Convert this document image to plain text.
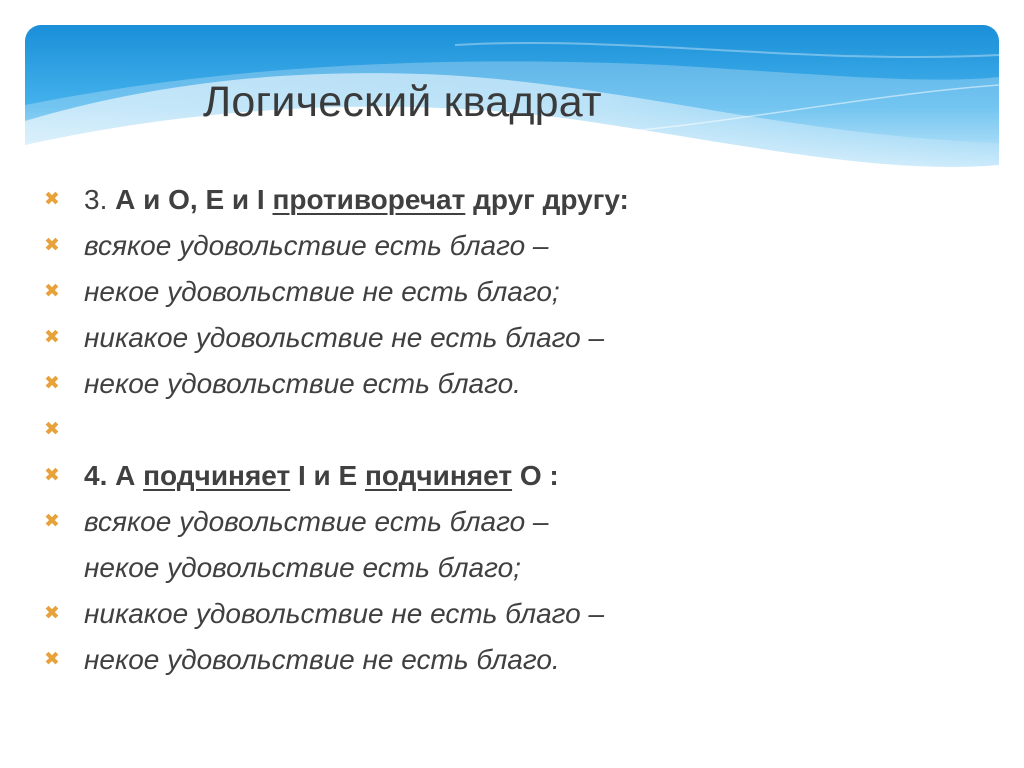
Логический квадрат
✖ 3. А и О, Е и I противоречат друг другу:
✖ всякое удовольствие есть благо –
✖ некое удовольствие не есть благо;
✖ никакое удовольствие не есть благо –
✖ некое удовольствие есть благо.
✖
✖ 4. А подчиняет I и Е подчиняет О :
✖ всякое удовольствие есть благо –
некое удовольствие есть благо;
✖ никакое удовольствие не есть благо –
✖ некое удовольствие не есть благо.
